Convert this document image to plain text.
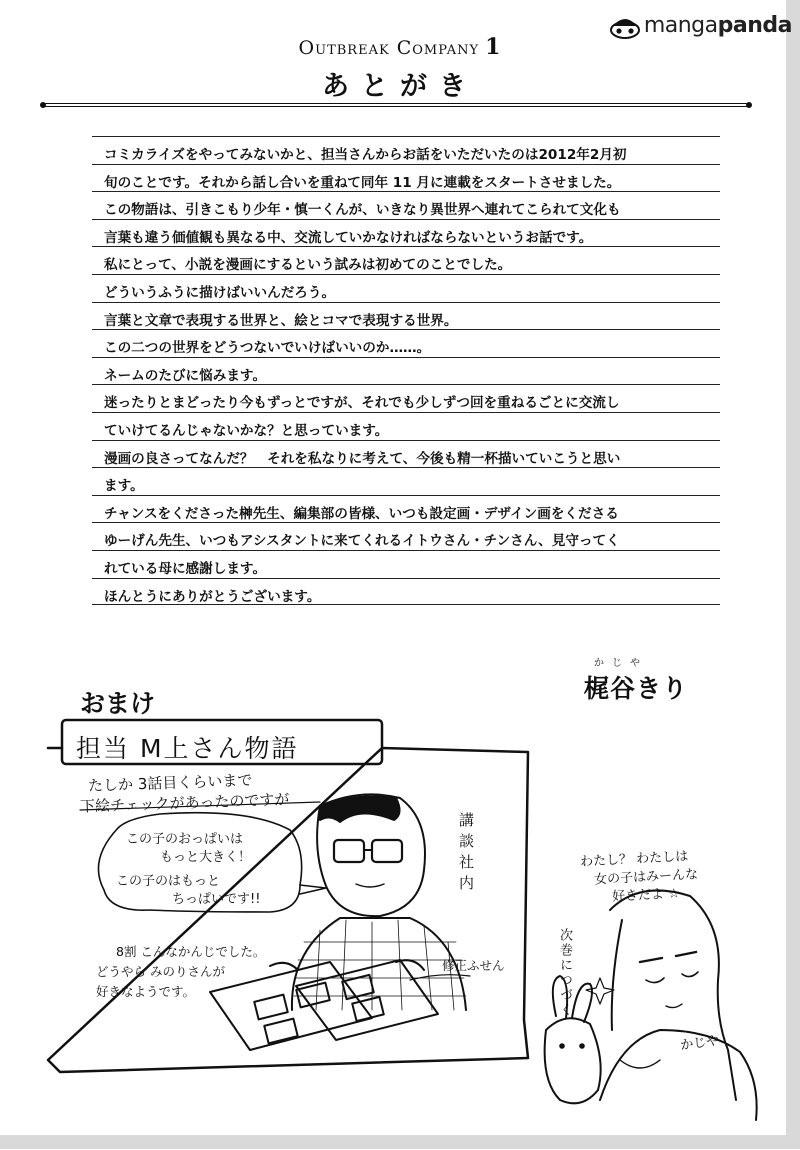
manga panda
Outbreak Company 1
あとがき
コミカライズをやってみないかと、担当さんからお話をいただいたのは2012年2月初
旬のことです。それから話し合いを重ねて同年 11 月に連載をスタートさせました。
この物語は、引きこもり少年・慎一くんが、いきなり異世界へ連れてこられて文化も
言葉も違う価値観も異なる中、交流していかなければならないというお話です。
私にとって、小説を漫画にするという試みは初めてのことでした。
どういうふうに描けばいいんだろう。
言葉と文章で表現する世界と、絵とコマで表現する世界。
この二つの世界をどうつないでいけばいいのか……。
ネームのたびに悩みます。
迷ったりとまどったり今もずっとですが、それでも少しずつ回を重ねるごとに交流し
ていけてるんじゃないかな？と思っています。
漫画の良さってなんだ？　それを私なりに考えて、今後も精一杯描いていこうと思い
ます。
チャンスをくださった榊先生、編集部の皆様、いつも設定画・デザイン画をくださる
ゆーげん先生、いつもアシスタントに来てくれるイトウさん・チンさん、見守ってく
れている母に感謝します。
ほんとうにありがとうございます。
かじや
梶谷きり
おまけ
担当 M上さん物語
たしか 3話目くらいまで
下絵チェックがあったのですが
この子のおっぱいは
もっと大きく！
この子のはもっと
ちっぱいです!!
講談社内
8割 こんなかんじでした。
どうやら みのりさんが
好きなようです。
修正ふせん
わたし？ わたしは
女の子はみーんな
好きだよ ☆
次巻につづく
かじや
